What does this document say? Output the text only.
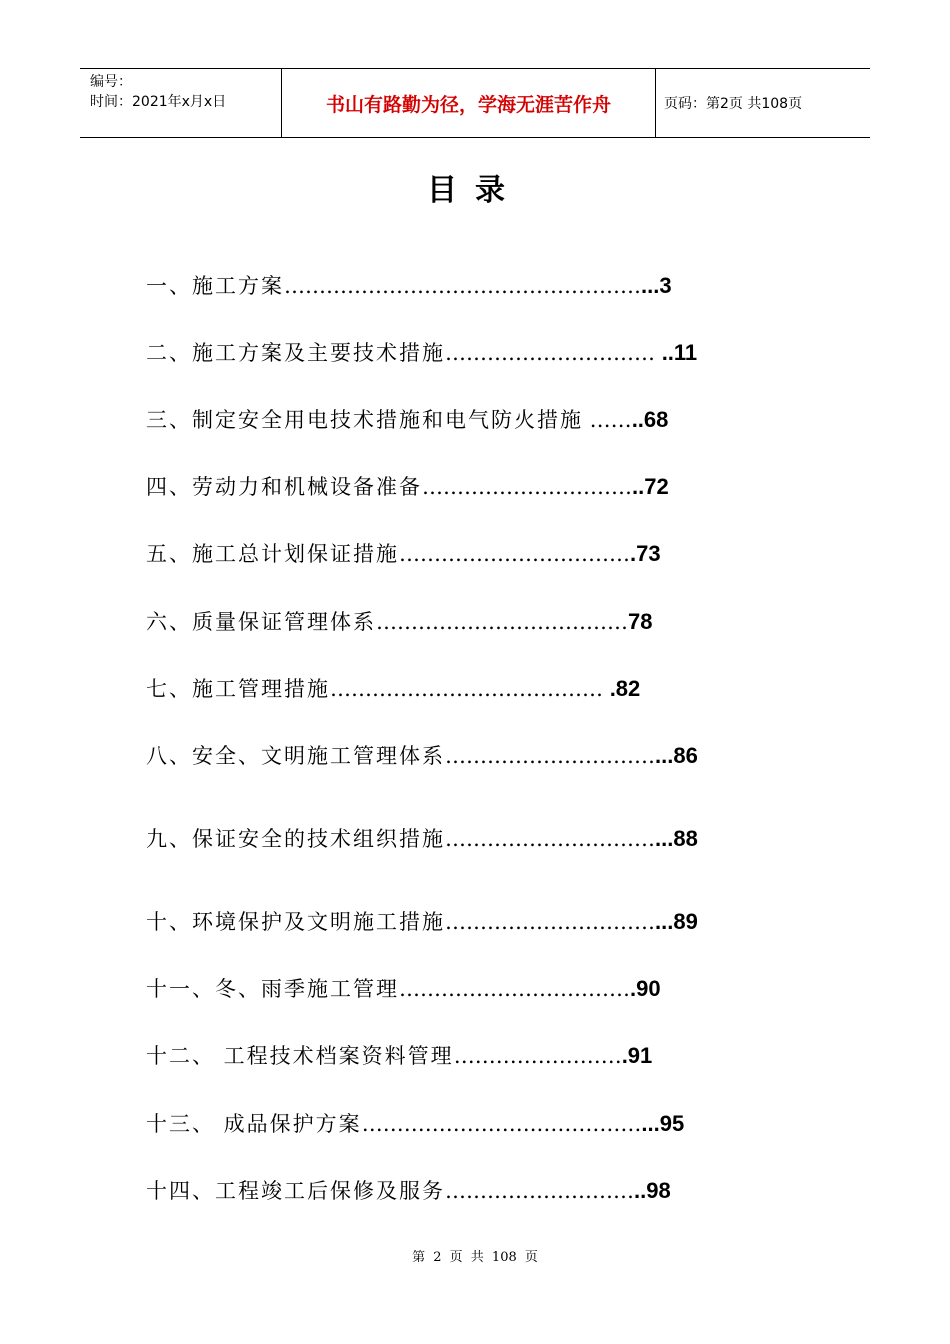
编号：
时间：2021年x月x日	书山有路勤为径，学海无涯苦作舟	页码：第2页 共108页
目录
一、施工方案……………………………………………...3
二、施工方案及主要技术措施………………………… ..11
三、制定安全用电技术措施和电气防火措施 ……..68
四、劳动力和机械设备准备…………………………..72
五、施工总计划保证措施…………………………….73
六、质量保证管理体系………………………………78
七、施工管理措施………………………………… .82
八、安全、文明施工管理体系…………………………...86
九、保证安全的技术组织措施…………………………...88
十、环境保护及文明施工措施…………………………...89
十一、冬、雨季施工管理…………………………….90
十二、 工程技术档案资料管理…………………….91
十三、 成品保护方案…………………….……………...95
十四、工程竣工后保修及服务………………………..98
第 2 页 共 108 页
